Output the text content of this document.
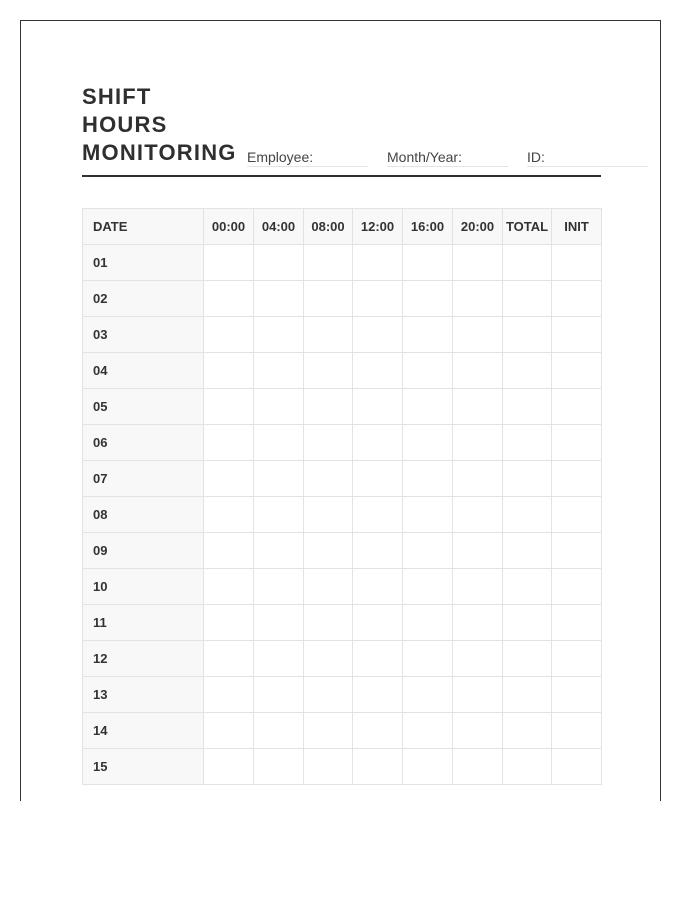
SHIFT
HOURS
MONITORING Employee:	Month/Year:	ID:
DATE	00:00	04:00	08:00	12:00	16:00	20:00	TOTAL	INIT
01								
02								
03								
04								
05								
06								
07								
08								
09								
10								
11								
12								
13								
14								
15								
